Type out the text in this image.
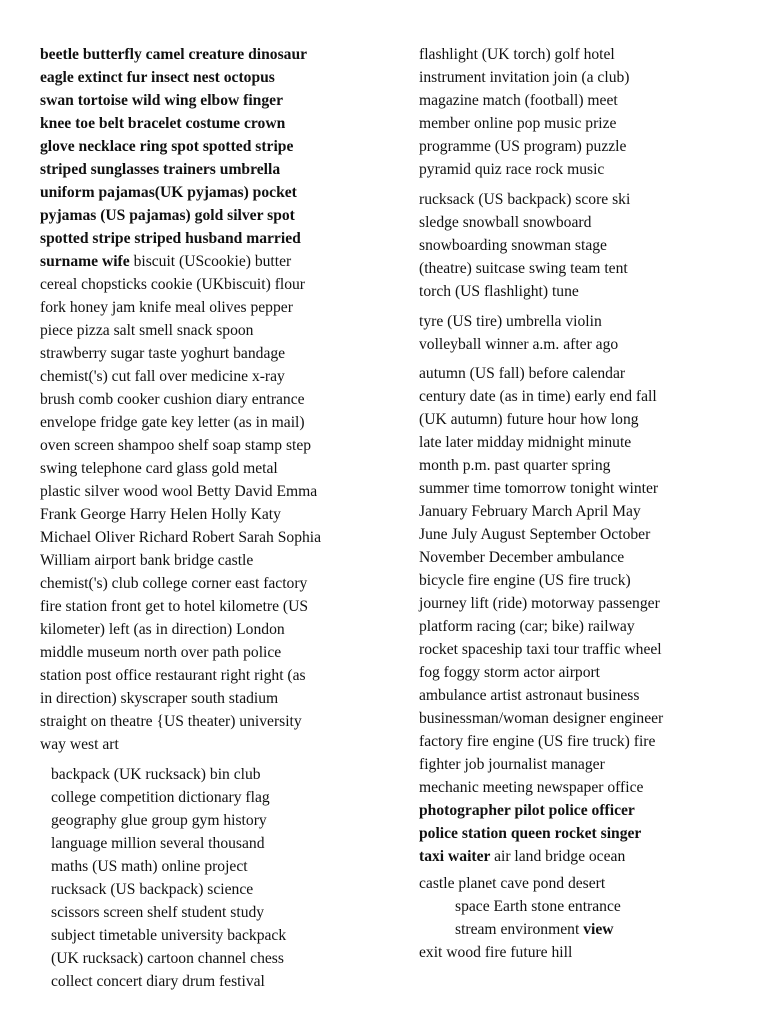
beetle butterfly camel creature dinosaur
eagle extinct fur insect nest octopus
swan tortoise wild wing elbow finger
knee toe belt bracelet costume crown
glove necklace ring spot spotted stripe
striped sunglasses trainers umbrella
uniform pajamas(UK pyjamas) pocket
pyjamas (US pajamas) gold silver spot
spotted stripe striped husband married
surname wife biscuit (UScookie) butter
cereal chopsticks cookie (UKbiscuit) flour
fork honey jam knife meal olives pepper
piece pizza salt smell snack spoon
strawberry sugar taste yoghurt bandage
chemist('s) cut fall over medicine x-ray
brush comb cooker cushion diary entrance
envelope fridge gate key letter (as in mail)
oven screen shampoo shelf soap stamp step
swing telephone card glass gold metal
plastic silver wood wool Betty David Emma
Frank George Harry Helen Holly Katy
Michael Oliver Richard Robert Sarah Sophia
William airport bank bridge castle
chemist('s) club college corner east factory
fire station front get to hotel kilometre (US
kilometer) left (as in direction) London
middle museum north over path police
station post office restaurant right right (as
in direction) skyscraper south stadium
straight on theatre {US theater) university
way west art
backpack (UK rucksack) bin club
college competition dictionary flag
geography glue group gym history
language million several thousand
maths (US math) online project
rucksack (US backpack) science
scissors screen shelf student study
subject timetable university backpack
(UK rucksack) cartoon channel chess
collect concert diary drum festival
flashlight (UK torch) golf hotel
instrument invitation join (a club)
magazine match (football) meet
member online pop music prize
programme (US program) puzzle
pyramid quiz race rock music
rucksack (US backpack) score ski
sledge snowball snowboard
snowboarding snowman stage
(theatre) suitcase swing team tent
torch (US flashlight) tune
tyre (US tire) umbrella violin
volleyball winner a.m. after ago
autumn (US fall) before calendar
century date (as in time) early end fall
(UK autumn) future hour how long
late later midday midnight minute
month p.m. past quarter spring
summer time tomorrow tonight winter
January February March April May
June July August September October
November December ambulance
bicycle fire engine (US fire truck)
journey lift (ride) motorway passenger
platform racing (car; bike) railway
rocket spaceship taxi tour traffic wheel
fog foggy storm actor airport
ambulance artist astronaut business
businessman/woman designer engineer
factory fire engine (US fire truck) fire
fighter job journalist manager
mechanic meeting newspaper office
photographer pilot police officer
police station queen rocket singer
taxi waiter air land bridge ocean
castle planet cave pond desert
space Earth stone entrance
stream environment view
exit wood fire future hill
